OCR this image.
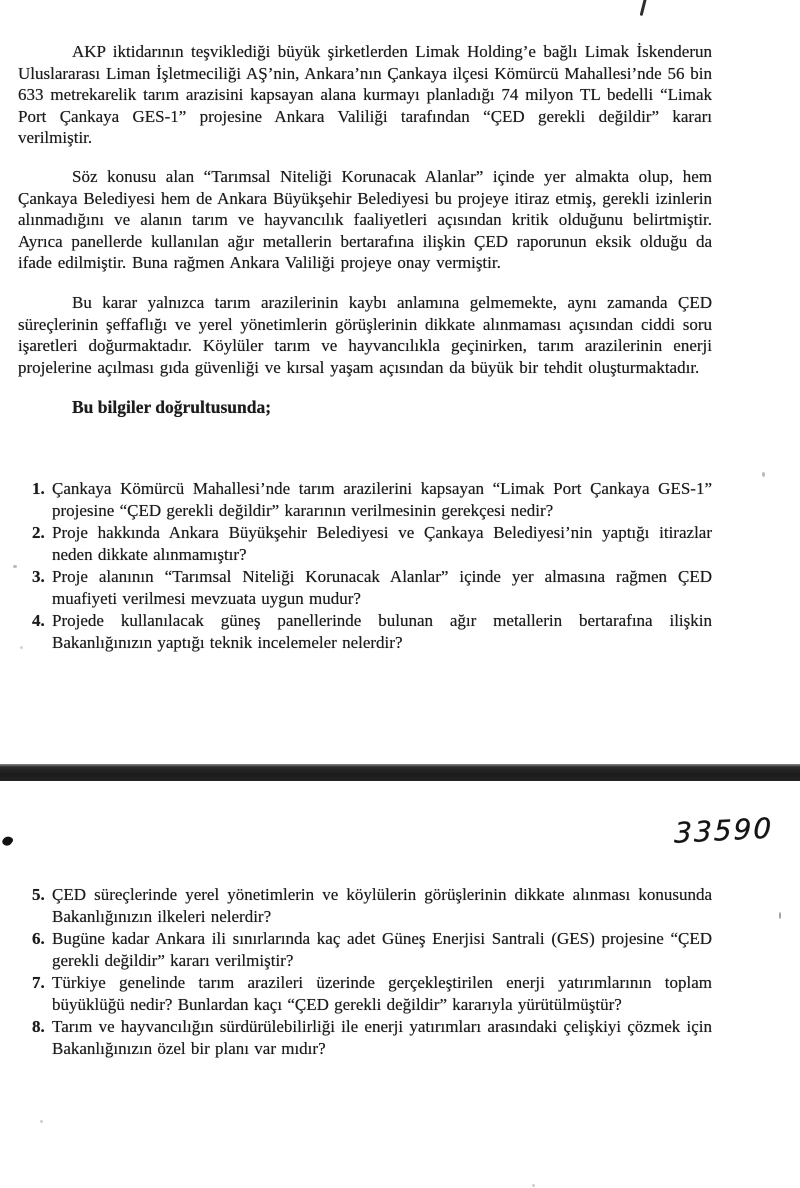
AKP iktidarının teşviklediği büyük şirketlerden Limak Holding’e bağlı Limak İskenderun Uluslararası Liman İşletmeciliği AŞ’nin, Ankara’nın Çankaya ilçesi Kömürcü Mahallesi’nde 56 bin 633 metrekarelik tarım arazisini kapsayan alana kurmayı planladığı 74 milyon TL bedelli “Limak Port Çankaya GES-1” projesine Ankara Valiliği tarafından “ÇED gerekli değildir” kararı verilmiştir.

Söz konusu alan “Tarımsal Niteliği Korunacak Alanlar” içinde yer almakta olup, hem Çankaya Belediyesi hem de Ankara Büyükşehir Belediyesi bu projeye itiraz etmiş, gerekli izinlerin alınmadığını ve alanın tarım ve hayvancılık faaliyetleri açısından kritik olduğunu belirtmiştir. Ayrıca panellerde kullanılan ağır metallerin bertarafına ilişkin ÇED raporunun eksik olduğu da ifade edilmiştir. Buna rağmen Ankara Valiliği projeye onay vermiştir.

Bu karar yalnızca tarım arazilerinin kaybı anlamına gelmemekte, aynı zamanda ÇED süreçlerinin şeffaflığı ve yerel yönetimlerin görüşlerinin dikkate alınmaması açısından ciddi soru işaretleri doğurmaktadır. Köylüler tarım ve hayvancılıkla geçinirken, tarım arazilerinin enerji projelerine açılması gıda güvenliği ve kırsal yaşam açısından da büyük bir tehdit oluşturmaktadır.

Bu bilgiler doğrultusunda;
1. Çankaya Kömürcü Mahallesi’nde tarım arazilerini kapsayan “Limak Port Çankaya GES-1” projesine “ÇED gerekli değildir” kararının verilmesinin gerekçesi nedir?
2. Proje hakkında Ankara Büyükşehir Belediyesi ve Çankaya Belediyesi’nin yaptığı itirazlar neden dikkate alınmamıştır?
3. Proje alanının “Tarımsal Niteliği Korunacak Alanlar” içinde yer almasına rağmen ÇED muafiyeti verilmesi mevzuata uygun mudur?
4. Projede kullanılacak güneş panellerinde bulunan ağır metallerin bertarafına ilişkin Bakanlığınızın yaptığı teknik incelemeler nelerdir?
33590
5. ÇED süreçlerinde yerel yönetimlerin ve köylülerin görüşlerinin dikkate alınması konusunda Bakanlığınızın ilkeleri nelerdir?
6. Bugüne kadar Ankara ili sınırlarında kaç adet Güneş Enerjisi Santrali (GES) projesine “ÇED gerekli değildir” kararı verilmiştir?
7. Türkiye genelinde tarım arazileri üzerinde gerçekleştirilen enerji yatırımlarının toplam büyüklüğü nedir? Bunlardan kaçı “ÇED gerekli değildir” kararıyla yürütülmüştür?
8. Tarım ve hayvancılığın sürdürülebilirliği ile enerji yatırımları arasındaki çelişkiyi çözmek için Bakanlığınızın özel bir planı var mıdır?
